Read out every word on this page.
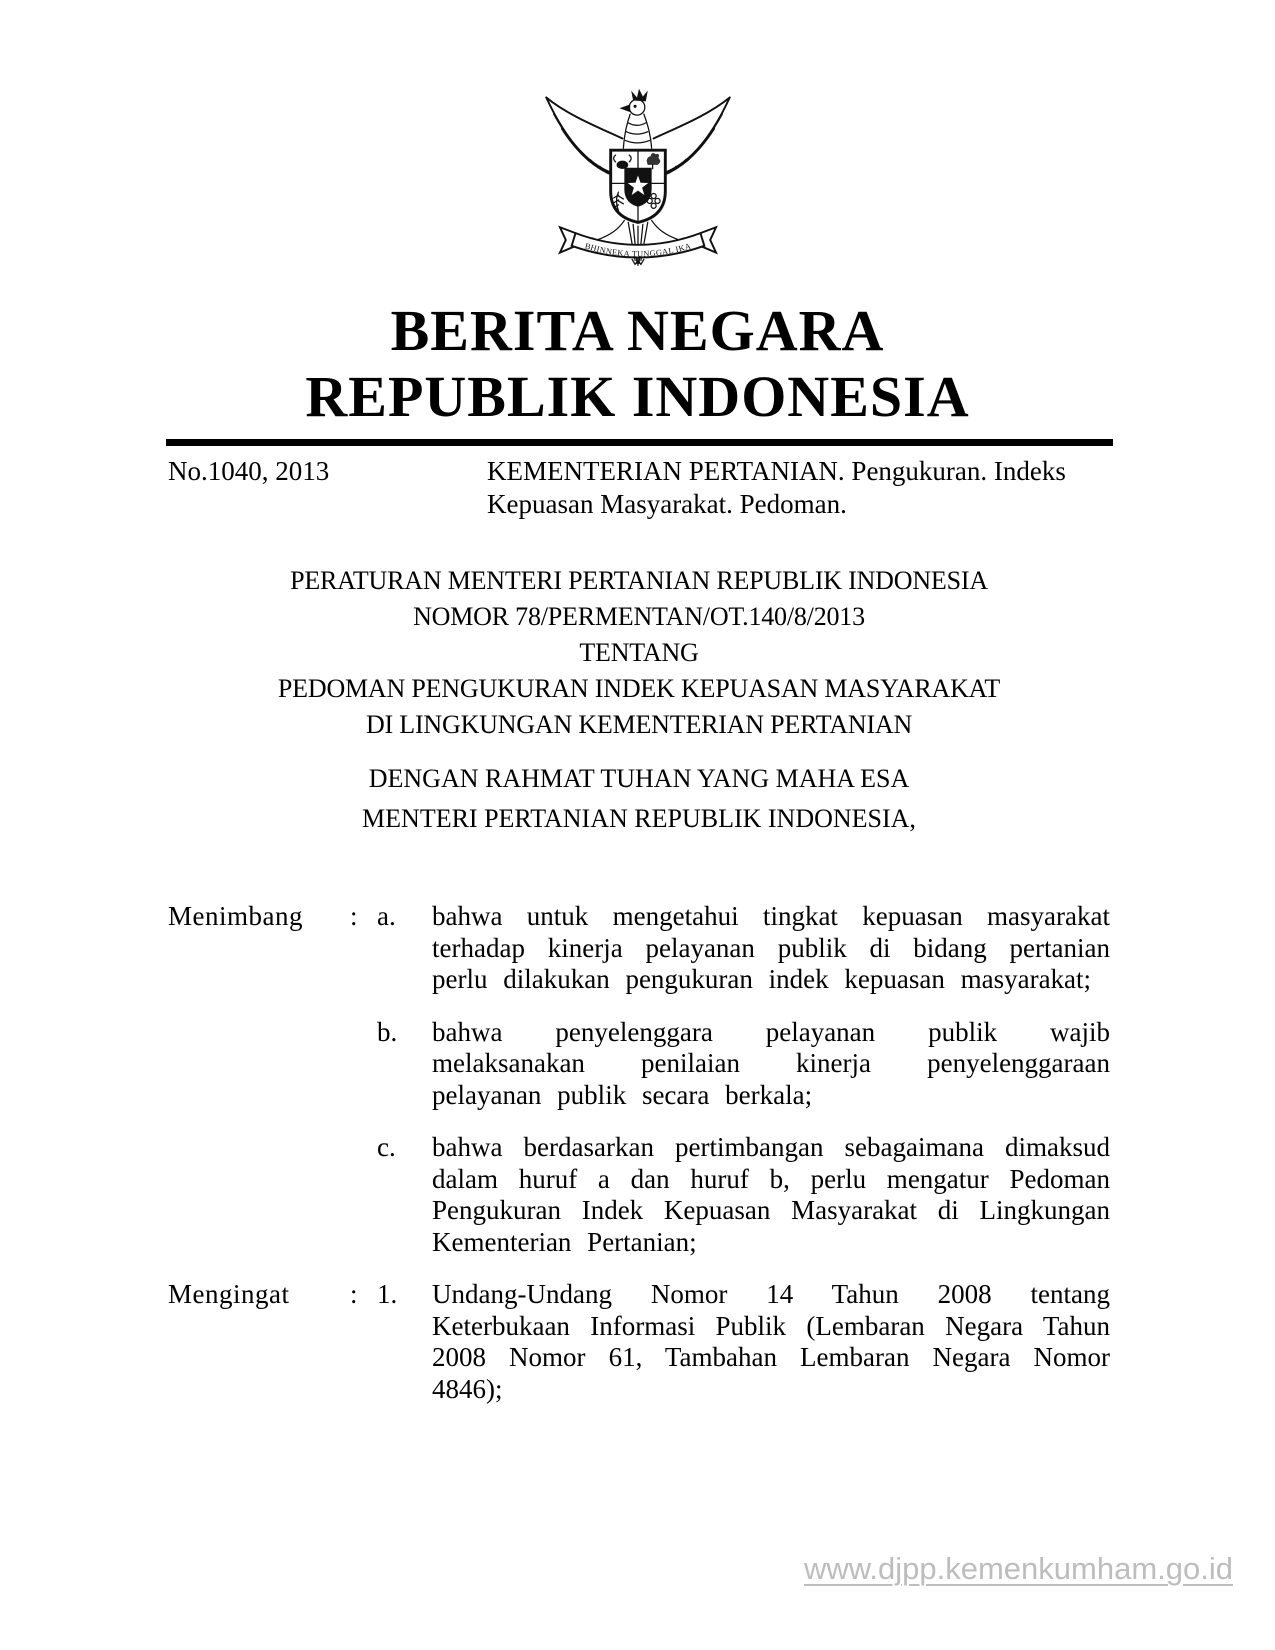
BHINNEKA TUNGGAL IKA
BERITA NEGARA
REPUBLIK INDONESIA
No.1040, 2013	KEMENTERIAN PERTANIAN. Pengukuran. Indeks
Kepuasan Masyarakat. Pedoman.
PERATURAN MENTERI PERTANIAN REPUBLIK INDONESIA
NOMOR 78/PERMENTAN/OT.140/8/2013
TENTANG
PEDOMAN PENGUKURAN INDEK KEPUASAN MASYARAKAT
DI LINGKUNGAN KEMENTERIAN PERTANIAN
DENGAN RAHMAT TUHAN YANG MAHA ESA
MENTERI PERTANIAN REPUBLIK INDONESIA,
Menimbang	: a.	bahwa untuk mengetahui tingkat kepuasan masyarakat terhadap kinerja pelayanan publik di bidang pertanian perlu dilakukan pengukuran indek kepuasan masyarakat;
b.	bahwa penyelenggara pelayanan publik wajib melaksanakan penilaian kinerja penyelenggaraan pelayanan publik secara berkala;
c.	bahwa berdasarkan pertimbangan sebagaimana dimaksud dalam huruf a dan huruf b, perlu mengatur Pedoman Pengukuran Indek Kepuasan Masyarakat di Lingkungan Kementerian Pertanian;
Mengingat	: 1.	Undang-Undang Nomor 14 Tahun 2008 tentang Keterbukaan Informasi Publik (Lembaran Negara Tahun 2008 Nomor 61, Tambahan Lembaran Negara Nomor 4846);
www.djpp.kemenkumham.go.id
